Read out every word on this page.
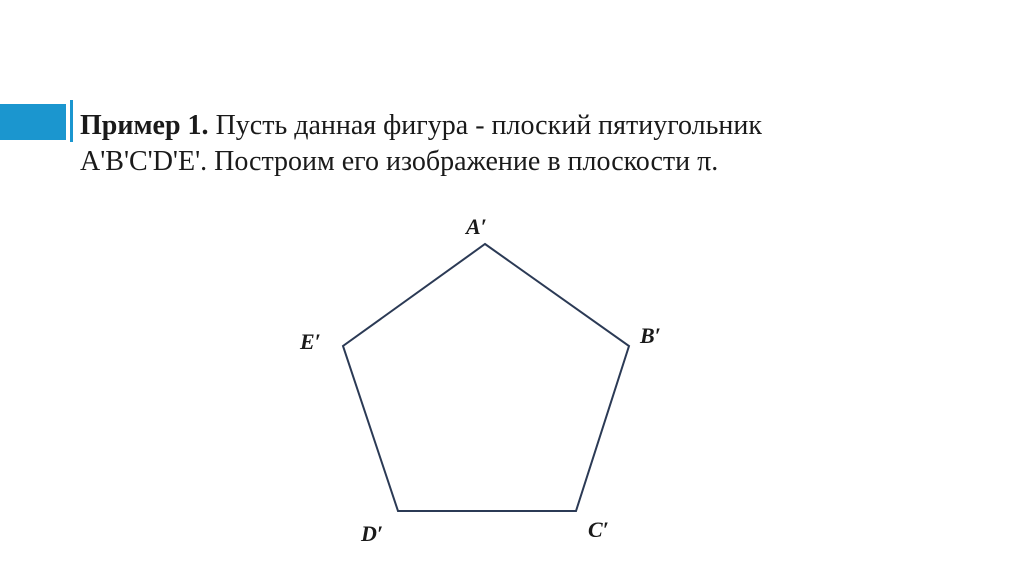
Пример 1. Пусть данная фигура - плоский пятиугольник
A'B'C'D'E'. Построим его изображение в плоскости π.
A′
B′
C′
D′
E′
